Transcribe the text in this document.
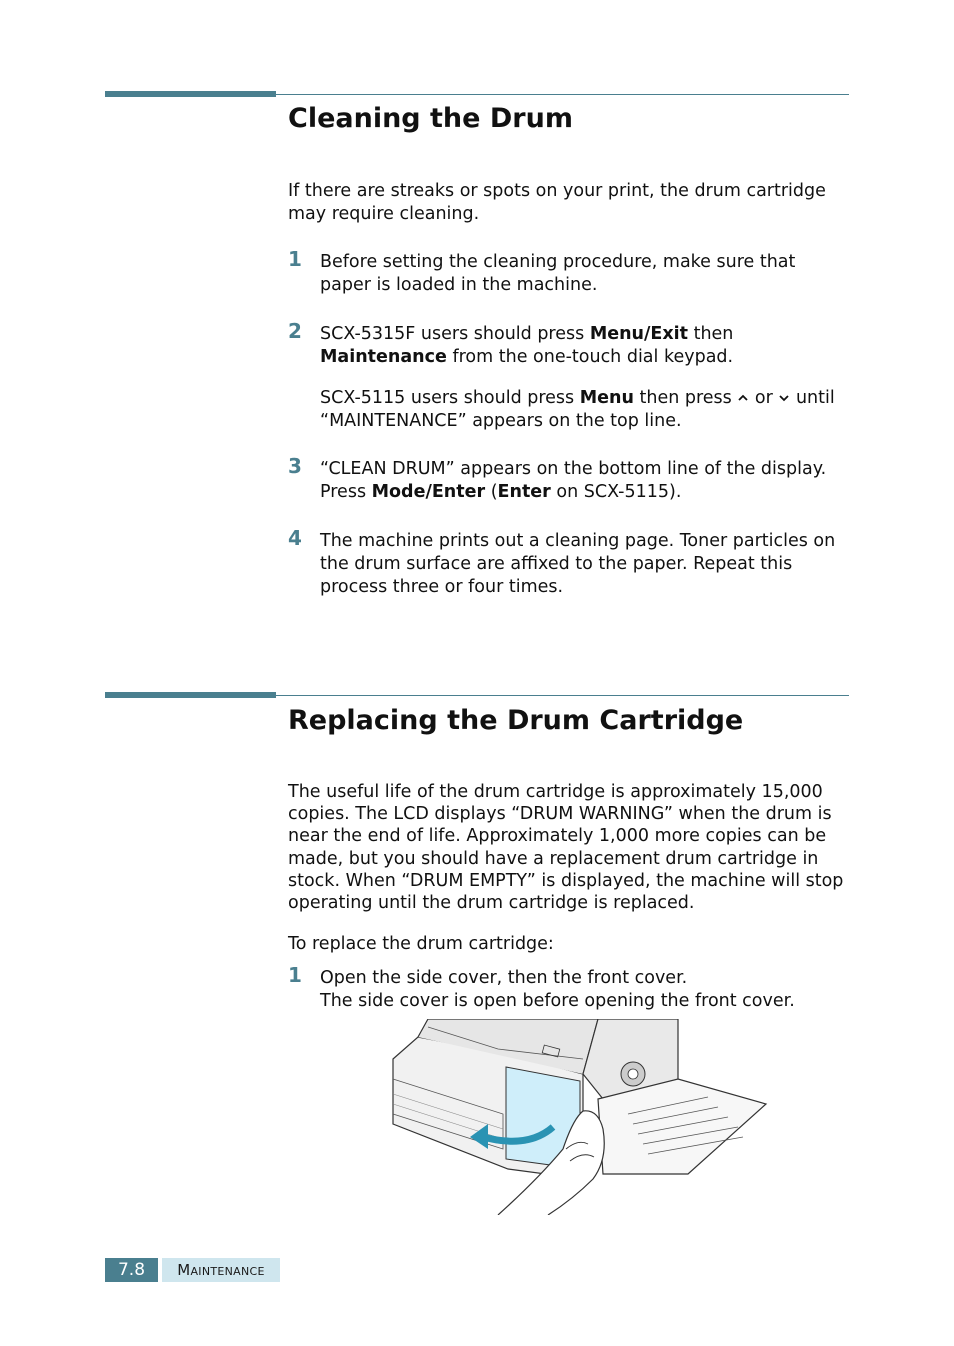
Cleaning the Drum
If there are streaks or spots on your print, the drum cartridge
may require cleaning.
1 Before setting the cleaning procedure, make sure that
paper is loaded in the machine.
2 SCX-5315F users should press Menu/Exit then
Maintenance from the one-touch dial keypad.
SCX-5115 users should press Menu then press  or  until
“MAINTENANCE” appears on the top line.
3 “CLEAN DRUM” appears on the bottom line of the display.
Press Mode/Enter (Enter on SCX-5115).
4 The machine prints out a cleaning page. Toner particles on
the drum surface are affixed to the paper. Repeat this
process three or four times.
Replacing the Drum Cartridge
The useful life of the drum cartridge is approximately 15,000
copies. The LCD displays “DRUM WARNING” when the drum is
near the end of life. Approximately 1,000 more copies can be
made, but you should have a replacement drum cartridge in
stock. When “DRUM EMPTY” is displayed, the machine will stop
operating until the drum cartridge is replaced.
To replace the drum cartridge:
1 Open the side cover, then the front cover.
The side cover is open before opening the front cover.
7.8	Maintenance
